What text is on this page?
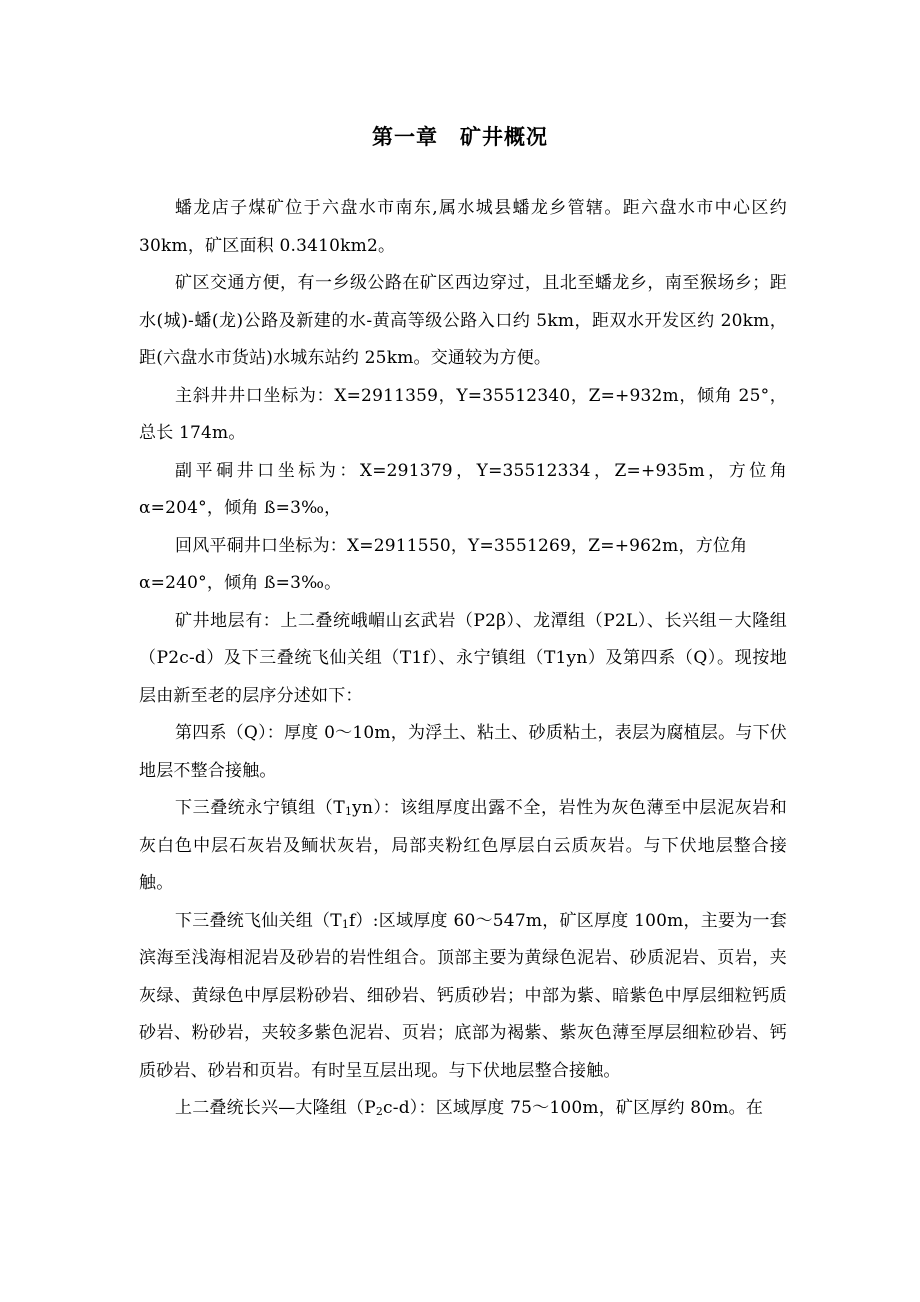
第一章 矿井概况

蟠龙店子煤矿位于六盘水市南东,属水城县蟠龙乡管辖。距六盘水市中心区约 30km，矿区面积 0.3410km2。

矿区交通方便，有一乡级公路在矿区西边穿过，且北至蟠龙乡，南至猴场乡；距水(城)-蟠(龙)公路及新建的水-黄高等级公路入口约 5km，距双水开发区约 20km，距(六盘水市货站)水城东站约 25km。交通较为方便。

主斜井井口坐标为：X=2911359，Y=35512340，Z=+932m，倾角 25°，总长 174m。

副平硐井口坐标为：X=291379，Y=35512334，Z=+935m，方位角 α=204°，倾角 ß=3‰，

回风平硐井口坐标为：X=2911550，Y=3551269，Z=+962m，方位角

α=240°，倾角 ß=3‰。

矿井地层有：上二叠统峨嵋山玄武岩（P2β）、龙潭组（P2L）、长兴组－大隆组（P2c-d）及下三叠统飞仙关组（T1f）、永宁镇组（T1yn）及第四系（Q）。现按地层由新至老的层序分述如下：

第四系（Q）：厚度 0～10m，为浮土、粘土、砂质粘土，表层为腐植层。与下伏地层不整合接触。

下三叠统永宁镇组$(T_1yn)$：该组厚度出露不全，岩性为灰色薄至中层泥灰岩和灰白色中层石灰岩及鲕状灰岩，局部夹粉红色厚层白云质灰岩。与下伏地层整合接触。

下三叠统飞仙关组$(T_1f)$:区域厚度 60～547m，矿区厚度 100m，主要为一套滨海至浅海相泥岩及砂岩的岩性组合。顶部主要为黄绿色泥岩、砂质泥岩、页岩，夹灰绿、黄绿色中厚层粉砂岩、细砂岩、钙质砂岩；中部为紫、暗紫色中厚层细粒钙质砂岩、粉砂岩，夹较多紫色泥岩、页岩；底部为褐紫、紫灰色薄至厚层细粒砂岩、钙质砂岩、砂岩和页岩。有时呈互层出现。与下伏地层整合接触。

上二叠统长兴—大隆组$(P_2c-d)$：区域厚度 75～100m，矿区厚约 80m。在
